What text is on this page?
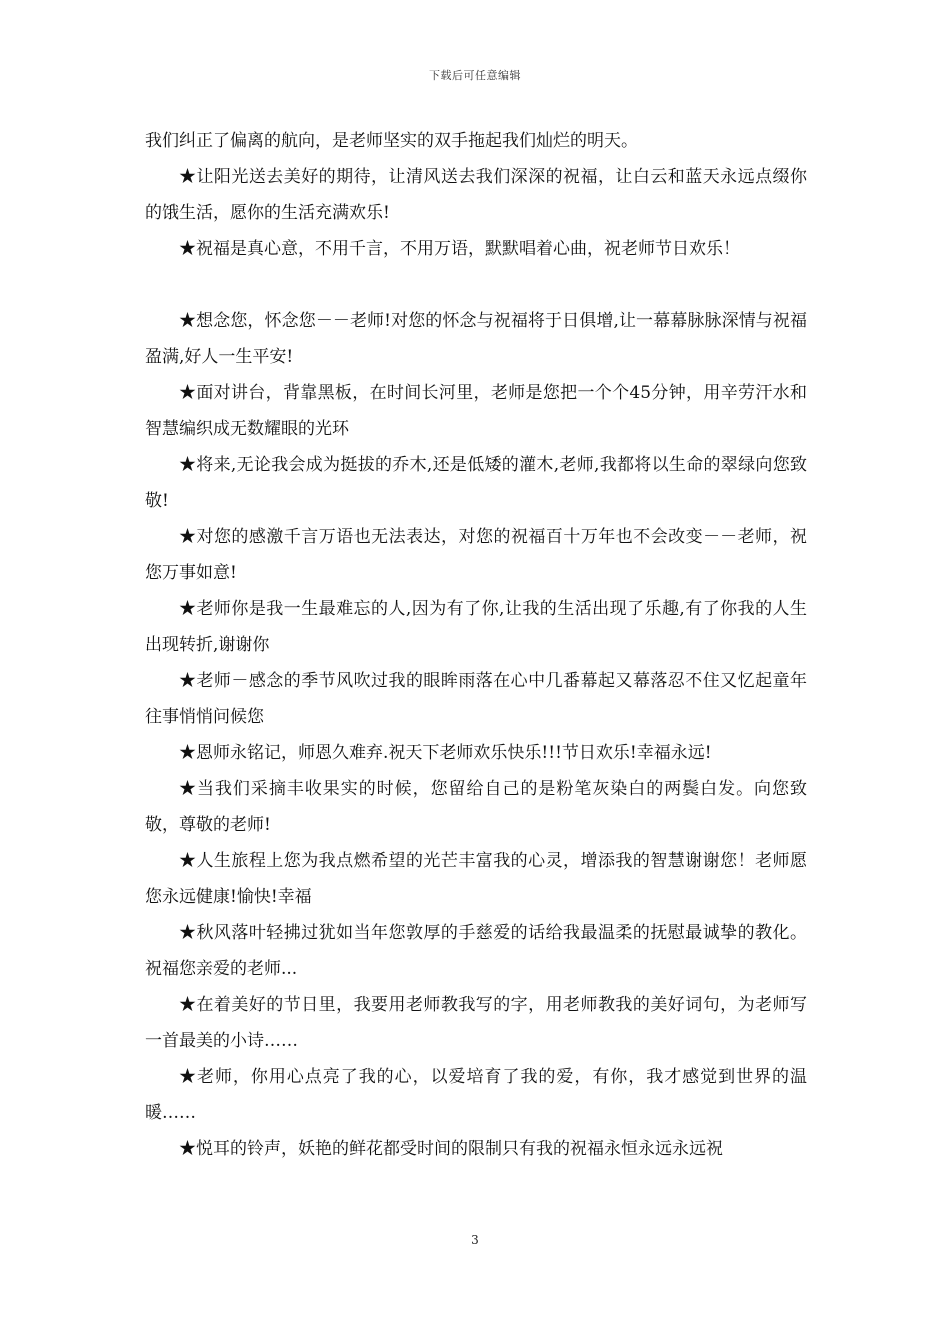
下载后可任意编辑

我们纠正了偏离的航向，是老师坚实的双手拖起我们灿烂的明天。

★让阳光送去美好的期待，让清风送去我们深深的祝福，让白云和蓝天永远点缀你的饿生活，愿你的生活充满欢乐!

★祝福是真心意，不用千言，不用万语，默默唱着心曲，祝老师节日欢乐！

★想念您，怀念您－－老师!对您的怀念与祝福将于日俱增,让一幕幕脉脉深情与祝福盈满,好人一生平安!

★面对讲台，背靠黑板，在时间长河里，老师是您把一个个45分钟，用辛劳汗水和智慧编织成无数耀眼的光环

★将来,无论我会成为挺拔的乔木,还是低矮的灌木,老师,我都将以生命的翠绿向您致敬!

★对您的感激千言万语也无法表达，对您的祝福百十万年也不会改变－－老师，祝您万事如意!

★老师你是我一生最难忘的人,因为有了你,让我的生活出现了乐趣,有了你我的人生出现转折,谢谢你

★老师－感念的季节风吹过我的眼眸雨落在心中几番幕起又幕落忍不住又忆起童年往事悄悄问候您

★恩师永铭记，师恩久难弃.祝天下老师欢乐快乐!!!节日欢乐!幸福永远!

★当我们采摘丰收果实的时候，您留给自己的是粉笔灰染白的两鬓白发。向您致敬，尊敬的老师!

★人生旅程上您为我点燃希望的光芒丰富我的心灵，增添我的智慧谢谢您！老师愿您永远健康!愉快!幸福

★秋风落叶轻拂过犹如当年您敦厚的手慈爱的话给我最温柔的抚慰最诚挚的教化。祝福您亲爱的老师...

★在着美好的节日里，我要用老师教我写的字，用老师教我的美好词句，为老师写一首最美的小诗……

★老师，你用心点亮了我的心，以爱培育了我的爱，有你，我才感觉到世界的温暖……

★悦耳的铃声，妖艳的鲜花都受时间的限制只有我的祝福永恒永远永远祝

3
